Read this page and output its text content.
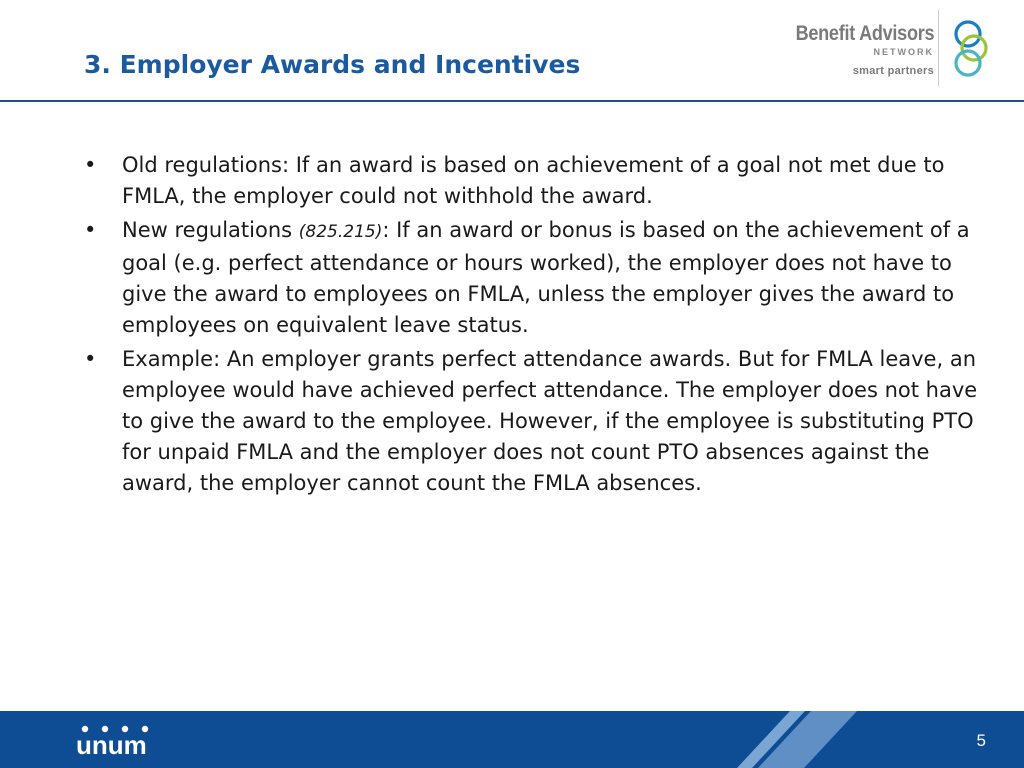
3. Employer Awards and Incentives
Benefit Advisors
NETWORK
smart partners
• Old regulations: If an award is based on achievement of a goal not met due to FMLA, the employer could not withhold the award.
• New regulations (825.215): If an award or bonus is based on the achievement of a goal (e.g. perfect attendance or hours worked), the employer does not have to give the award to employees on FMLA, unless the employer gives the award to employees on equivalent leave status.
• Example: An employer grants perfect attendance awards. But for FMLA leave, an employee would have achieved perfect attendance. The employer does not have to give the award to the employee. However, if the employee is substituting PTO for unpaid FMLA and the employer does not count PTO absences against the award, the employer cannot count the FMLA absences.
unum	5
